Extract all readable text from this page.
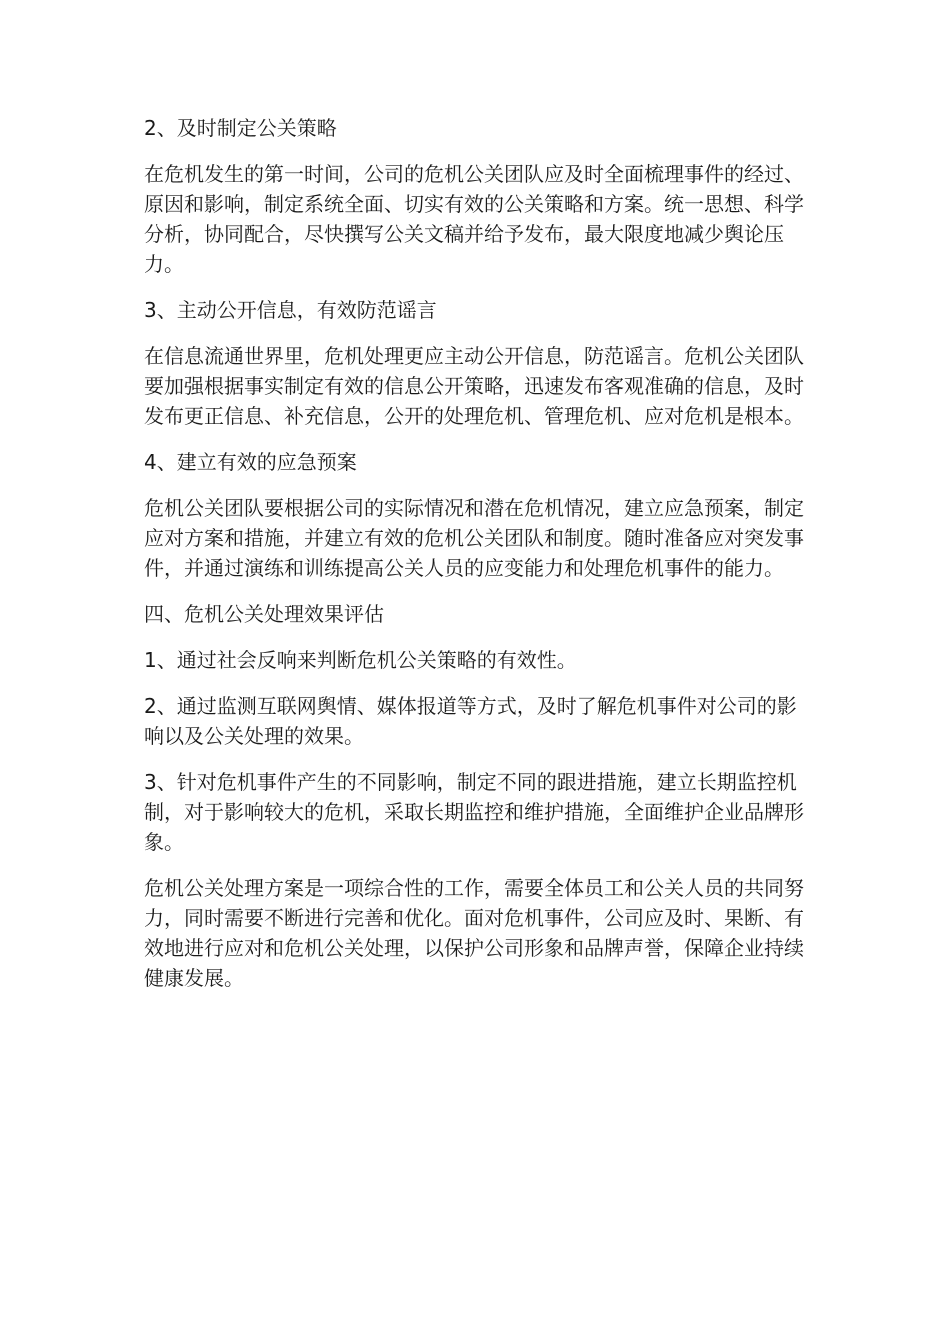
2、及时制定公关策略

在危机发生的第一时间，公司的危机公关团队应及时全面梳理事件的经过、原因和影响，制定系统全面、切实有效的公关策略和方案。统一思想、科学分析，协同配合，尽快撰写公关文稿并给予发布，最大限度地减少舆论压力。

3、主动公开信息，有效防范谣言

在信息流通世界里，危机处理更应主动公开信息，防范谣言。危机公关团队要加强根据事实制定有效的信息公开策略，迅速发布客观准确的信息，及时发布更正信息、补充信息，公开的处理危机、管理危机、应对危机是根本。

4、建立有效的应急预案

危机公关团队要根据公司的实际情况和潜在危机情况，建立应急预案，制定应对方案和措施，并建立有效的危机公关团队和制度。随时准备应对突发事件，并通过演练和训练提高公关人员的应变能力和处理危机事件的能力。

四、危机公关处理效果评估

1、通过社会反响来判断危机公关策略的有效性。

2、通过监测互联网舆情、媒体报道等方式，及时了解危机事件对公司的影响以及公关处理的效果。

3、针对危机事件产生的不同影响，制定不同的跟进措施，建立长期监控机制，对于影响较大的危机，采取长期监控和维护措施，全面维护企业品牌形象。

危机公关处理方案是一项综合性的工作，需要全体员工和公关人员的共同努力，同时需要不断进行完善和优化。面对危机事件，公司应及时、果断、有效地进行应对和危机公关处理，以保护公司形象和品牌声誉，保障企业持续健康发展。
